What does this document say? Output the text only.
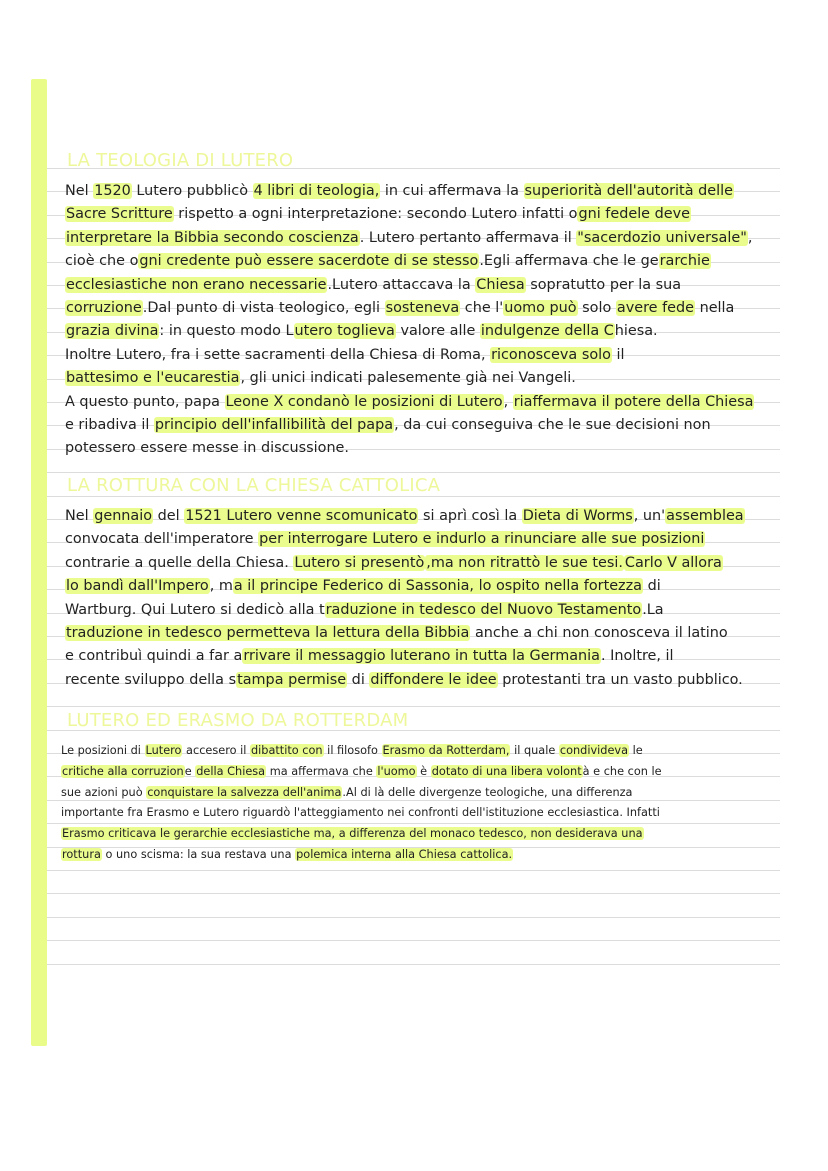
LA TEOLOGIA DI LUTERO
Nel 1520 Lutero pubblicò 4 libri di teologia, in cui affermava la superiorità dell'autorità delle
Sacre Scritture rispetto a ogni interpretazione: secondo Lutero infatti ogni fedele deve
interpretare la Bibbia secondo coscienza. Lutero pertanto affermava il "sacerdozio universale",
cioè che ogni credente può essere sacerdote di se stesso.Egli affermava che le gerarchie
ecclesiastiche non erano necessarie.Lutero attaccava la Chiesa sopratutto per la sua
corruzione.Dal punto di vista teologico, egli sosteneva che l'uomo può solo avere fede nella
grazia divina: in questo modo Lutero toglieva valore alle indulgenze della Chiesa.
Inoltre Lutero, fra i sette sacramenti della Chiesa di Roma, riconosceva solo il
battesimo e l'eucarestia, gli unici indicati palesemente già nei Vangeli.
A questo punto, papa Leone X condanò le posizioni di Lutero, riaffermava il potere della Chiesa
e ribadiva il principio dell'infallibilità del papa, da cui conseguiva che le sue decisioni non
potessero essere messe in discussione.
LA ROTTURA CON LA CHIESA CATTOLICA
Nel gennaio del 1521 Lutero venne scomunicato si aprì così la Dieta di Worms, un'assemblea
convocata dell'imperatore per interrogare Lutero e indurlo a rinunciare alle sue posizioni
contrarie a quelle della Chiesa. Lutero si presentò ,ma non ritrattò le sue tesi. Carlo V allora
lo bandì dall'Impero, ma il principe Federico di Sassonia, lo ospito nella fortezza di
Wartburg. Qui Lutero si dedicò alla traduzione in tedesco del Nuovo Testamento.La
traduzione in tedesco permetteva la lettura della Bibbia anche a chi non conosceva il latino
e contribuì quindi a far arrivare il messaggio luterano in tutta la Germania. Inoltre, il
recente sviluppo della stampa permise di diffondere le idee protestanti tra un vasto pubblico.
LUTERO ED ERASMO DA ROTTERDAM
Le posizioni di Lutero accesero il dibattito con il filosofo Erasmo da Rotterdam, il quale condivideva le
critiche alla corruzione della Chiesa ma affermava che l'uomo è dotato di una libera volontà e che con le
sue azioni può conquistare la salvezza dell'anima.Al di là delle divergenze teologiche, una differenza
importante fra Erasmo e Lutero riguardò l'atteggiamento nei confronti dell'istituzione ecclesiastica. Infatti
Erasmo criticava le gerarchie ecclesiastiche ma, a differenza del monaco tedesco, non desiderava una
rottura o uno scisma: la sua restava una polemica interna alla Chiesa cattolica.
